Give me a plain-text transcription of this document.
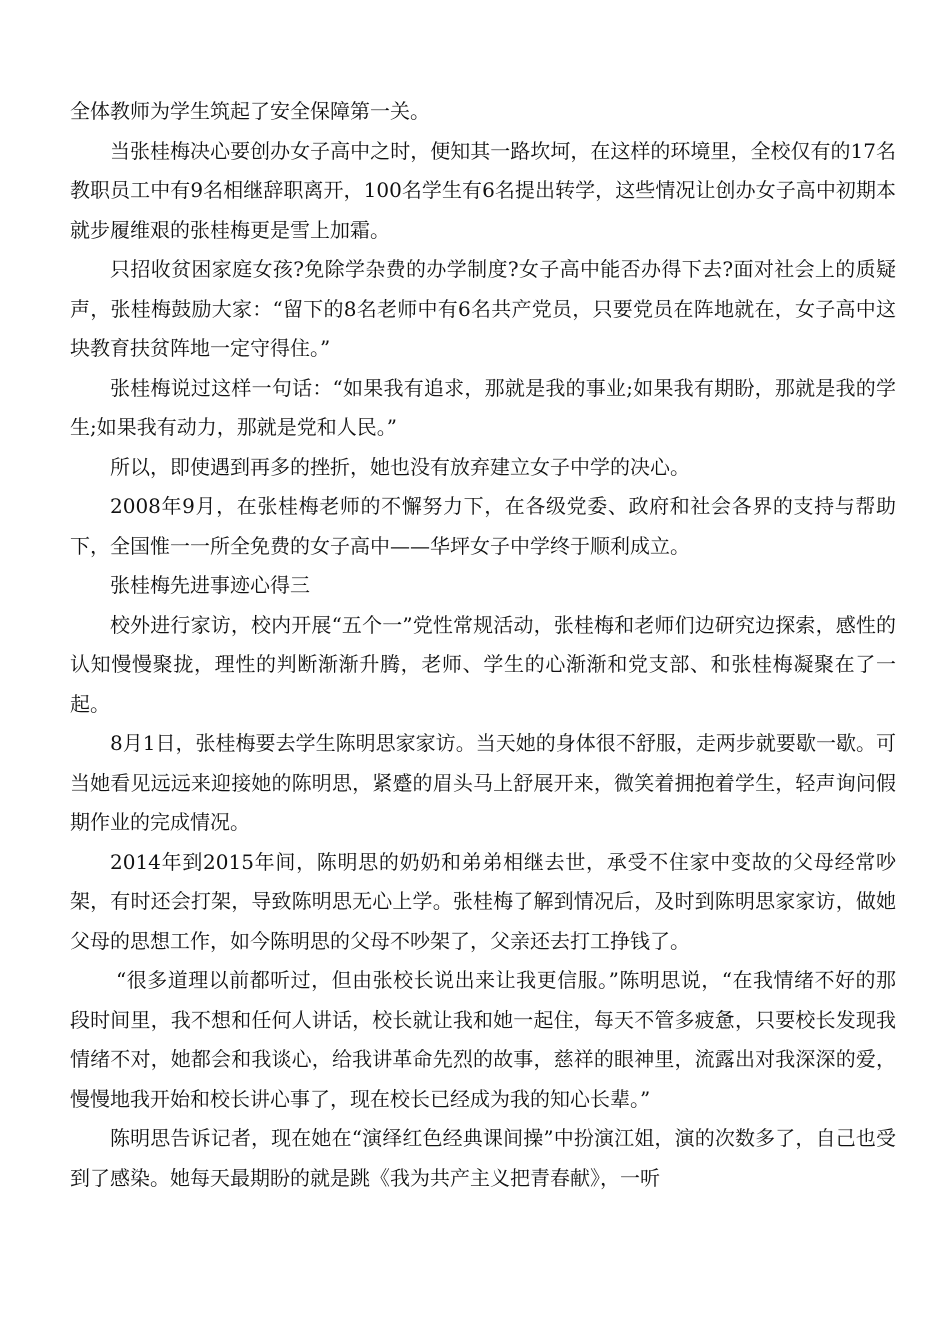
全体教师为学生筑起了安全保障第一关。

当张桂梅决心要创办女子高中之时，便知其一路坎坷，在这样的环境里，全校仅有的17名教职员工中有9名相继辞职离开，100名学生有6名提出转学，这些情况让创办女子高中初期本就步履维艰的张桂梅更是雪上加霜。

只招收贫困家庭女孩?免除学杂费的办学制度?女子高中能否办得下去?面对社会上的质疑声，张桂梅鼓励大家：“留下的8名老师中有6名共产党员，只要党员在阵地就在，女子高中这块教育扶贫阵地一定守得住。”

张桂梅说过这样一句话：“如果我有追求，那就是我的事业;如果我有期盼，那就是我的学生;如果我有动力，那就是党和人民。”

所以，即使遇到再多的挫折，她也没有放弃建立女子中学的决心。

2008年9月，在张桂梅老师的不懈努力下，在各级党委、政府和社会各界的支持与帮助下，全国惟一一所全免费的女子高中——华坪女子中学终于顺利成立。

张桂梅先进事迹心得三

校外进行家访，校内开展“五个一”党性常规活动，张桂梅和老师们边研究边探索，感性的认知慢慢聚拢，理性的判断渐渐升腾，老师、学生的心渐渐和党支部、和张桂梅凝聚在了一起。

8月1日，张桂梅要去学生陈明思家家访。当天她的身体很不舒服，走两步就要歇一歇。可当她看见远远来迎接她的陈明思，紧蹙的眉头马上舒展开来，微笑着拥抱着学生，轻声询问假期作业的完成情况。

2014年到2015年间，陈明思的奶奶和弟弟相继去世，承受不住家中变故的父母经常吵架，有时还会打架，导致陈明思无心上学。张桂梅了解到情况后，及时到陈明思家家访，做她父母的思想工作，如今陈明思的父母不吵架了，父亲还去打工挣钱了。

“很多道理以前都听过，但由张校长说出来让我更信服。”陈明思说，“在我情绪不好的那段时间里，我不想和任何人讲话，校长就让我和她一起住，每天不管多疲惫，只要校长发现我情绪不对，她都会和我谈心，给我讲革命先烈的故事，慈祥的眼神里，流露出对我深深的爱，慢慢地我开始和校长讲心事了，现在校长已经成为我的知心长辈。”

陈明思告诉记者，现在她在“演绎红色经典课间操”中扮演江姐，演的次数多了，自己也受到了感染。她每天最期盼的就是跳《我为共产主义把青春献》，一听
